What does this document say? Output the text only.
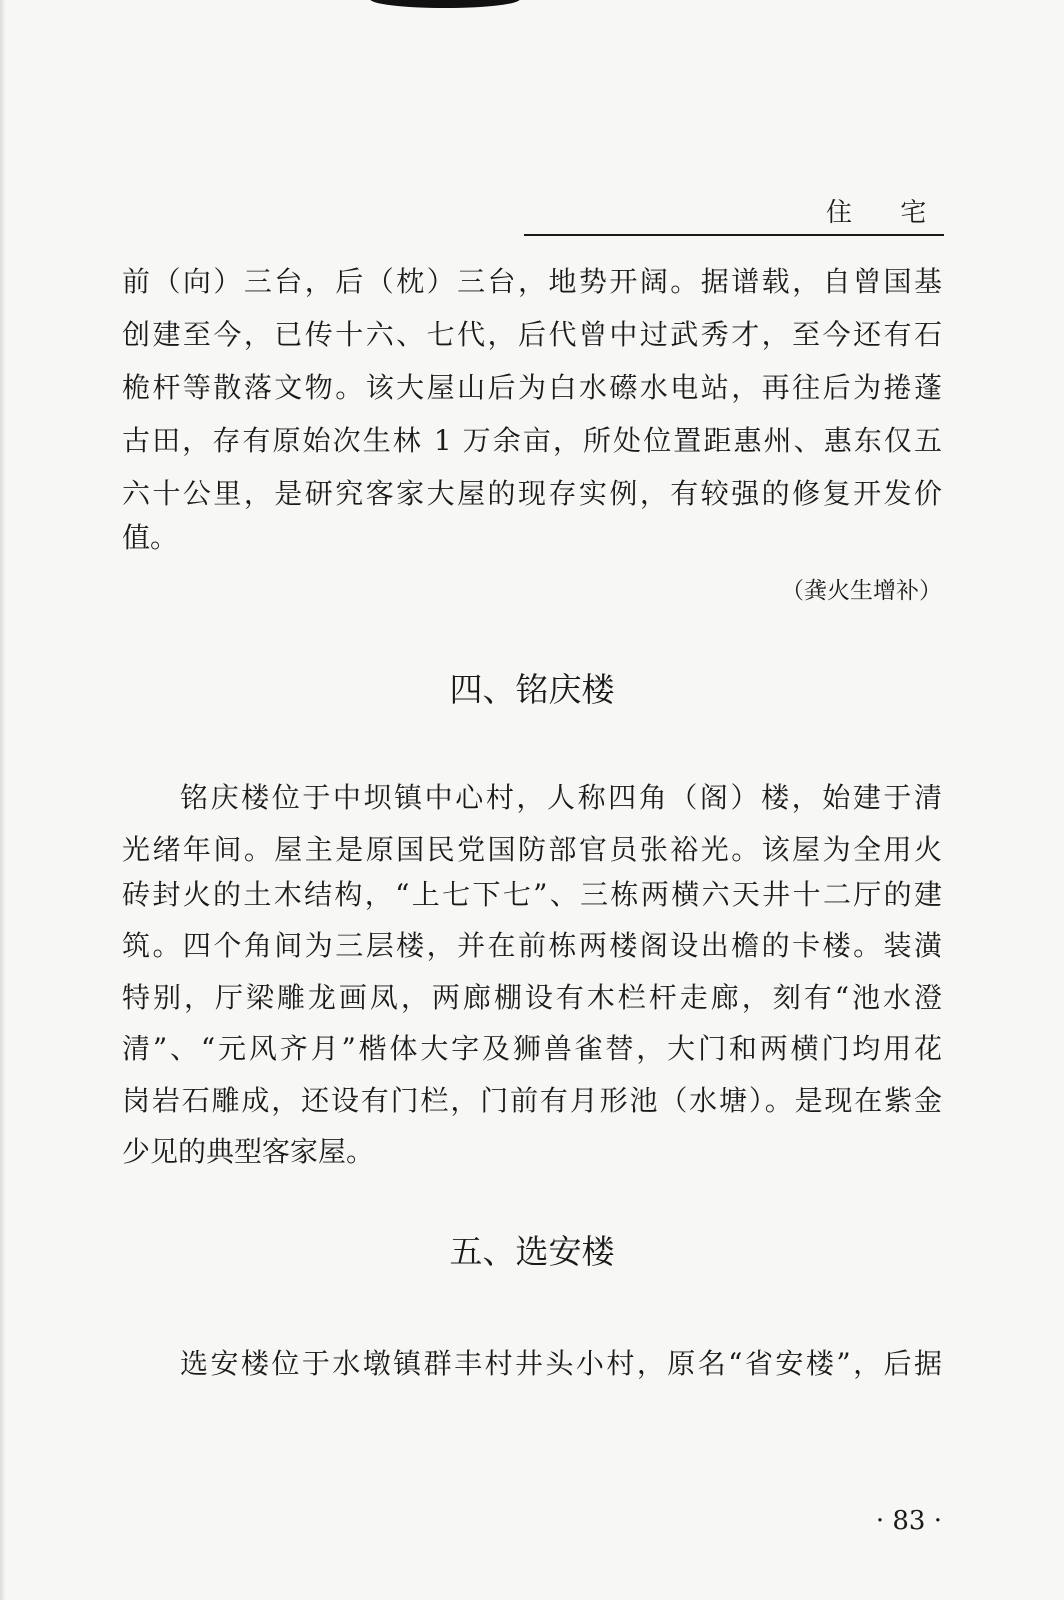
住 宅
前（向）三台，后（枕）三台，地势开阔。据谱载，自曾国基
创建至今，已传十六、七代，后代曾中过武秀才，至今还有石
桅杆等散落文物。该大屋山后为白水礤水电站，再往后为捲蓬
古田，存有原始次生林 1 万余亩，所处位置距惠州、惠东仅五
六十公里，是研究客家大屋的现存实例，有较强的修复开发价
值。
（龚火生增补）
四、铭庆楼
铭庆楼位于中坝镇中心村，人称四角（阁）楼，始建于清
光绪年间。屋主是原国民党国防部官员张裕光。该屋为全用火
砖封火的土木结构，“上七下七”、三栋两横六天井十二厅的建
筑。四个角间为三层楼，并在前栋两楼阁设出檐的卡楼。装潢
特别，厅梁雕龙画凤，两廊棚设有木栏杆走廊，刻有“池水澄
清”、“元风齐月”楷体大字及狮兽雀替，大门和两横门均用花
岗岩石雕成，还设有门栏，门前有月形池（水塘）。是现在紫金
少见的典型客家屋。
五、选安楼
选安楼位于水墩镇群丰村井头小村，原名“省安楼”，后据
· 83 ·
